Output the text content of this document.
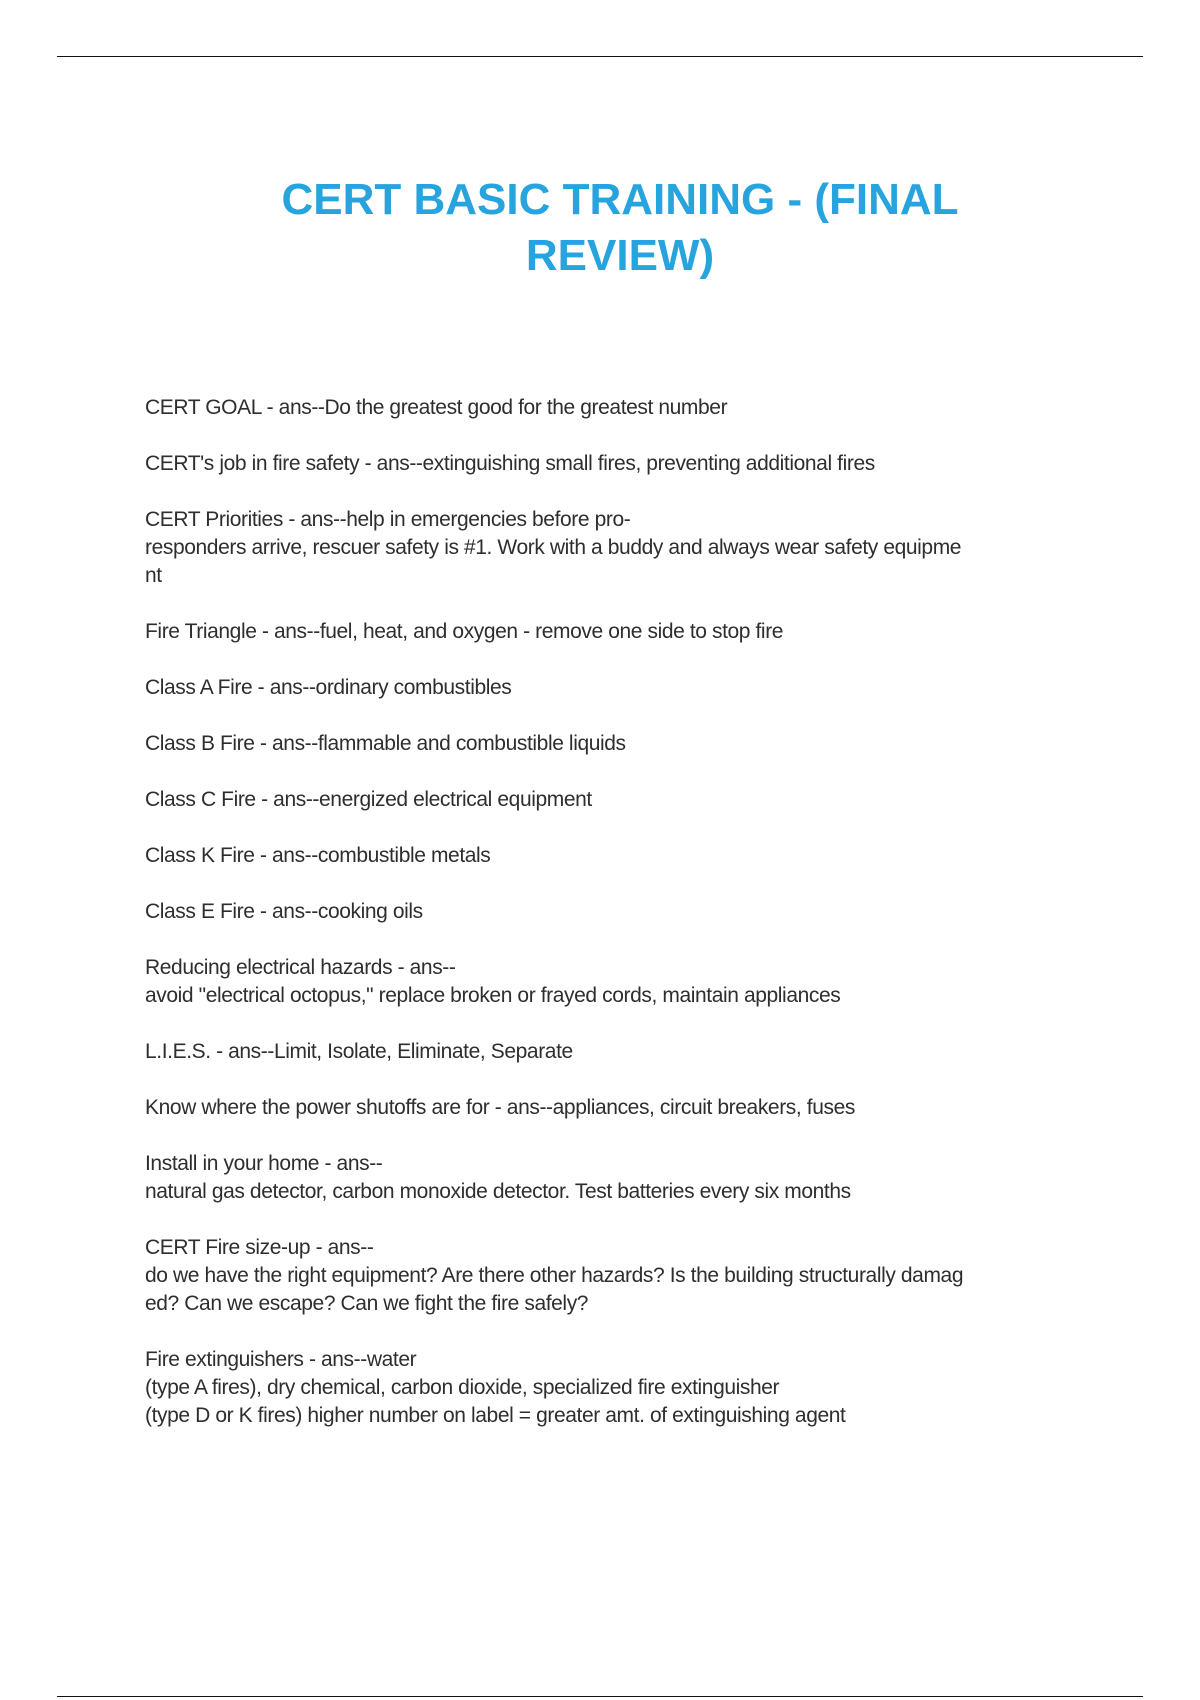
CERT BASIC TRAINING - (FINAL REVIEW)

CERT GOAL - ans--Do the greatest good for the greatest number

CERT's job in fire safety - ans--extinguishing small fires, preventing additional fires

CERT Priorities - ans--help in emergencies before pro-
responders arrive, rescuer safety is #1. Work with a buddy and always wear safety equipme
nt

Fire Triangle - ans--fuel, heat, and oxygen - remove one side to stop fire

Class A Fire - ans--ordinary combustibles

Class B Fire - ans--flammable and combustible liquids

Class C Fire - ans--energized electrical equipment

Class K Fire - ans--combustible metals

Class E Fire - ans--cooking oils

Reducing electrical hazards - ans--
avoid "electrical octopus," replace broken or frayed cords, maintain appliances

L.I.E.S. - ans--Limit, Isolate, Eliminate, Separate

Know where the power shutoffs are for - ans--appliances, circuit breakers, fuses

Install in your home - ans--
natural gas detector, carbon monoxide detector. Test batteries every six months

CERT Fire size-up - ans--
do we have the right equipment? Are there other hazards? Is the building structurally damag
ed? Can we escape? Can we fight the fire safely?

Fire extinguishers - ans--water
(type A fires), dry chemical, carbon dioxide, specialized fire extinguisher
(type D or K fires) higher number on label = greater amt. of extinguishing agent
